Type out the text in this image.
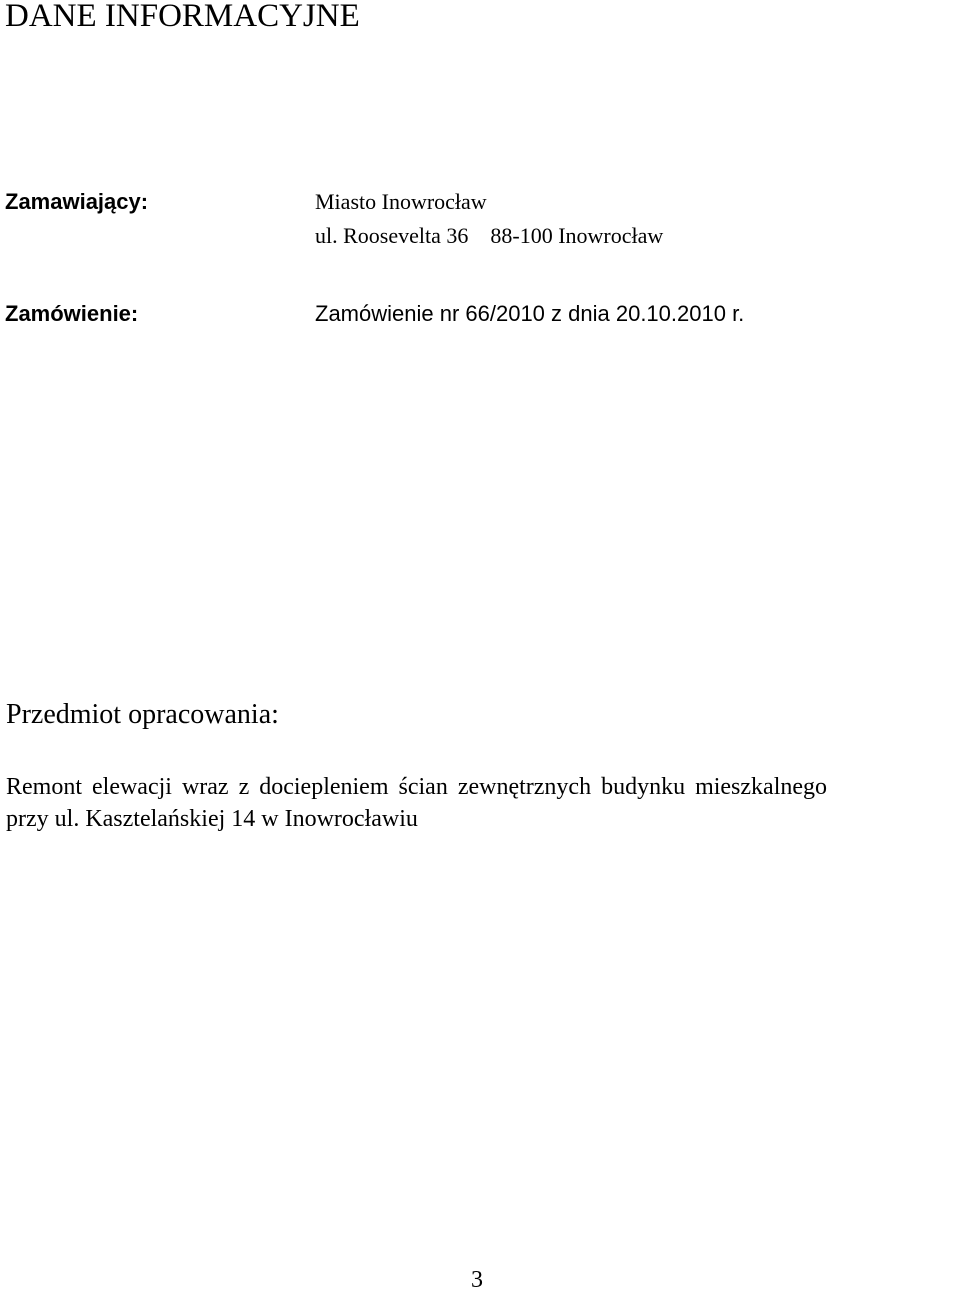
DANE INFORMACYJNE
Zamawiający:	Miasto Inowrocław
ul. Roosevelta 36    88-100 Inowrocław
Zamówienie:	Zamówienie nr 66/2010 z dnia 20.10.2010 r.
Przedmiot opracowania:
Remont elewacji wraz z dociepleniem ścian zewnętrznych budynku mieszkalnego
przy ul. Kasztelańskiej 14 w Inowrocławiu
3
